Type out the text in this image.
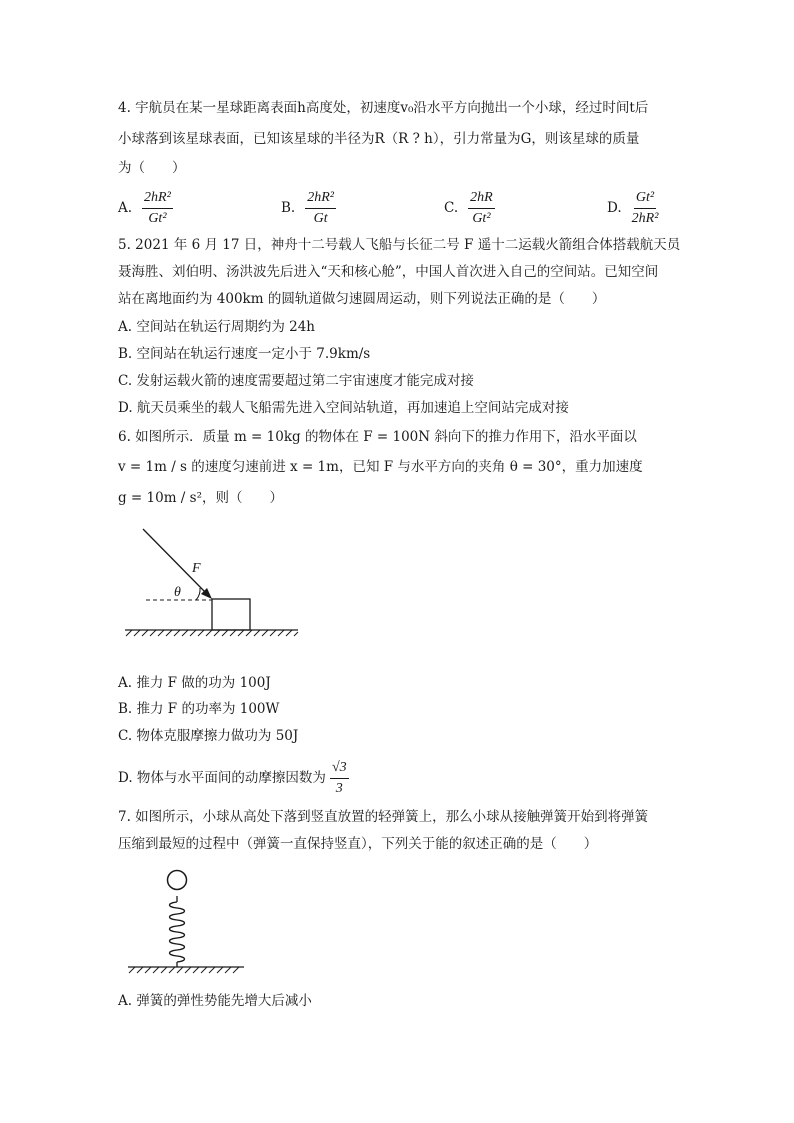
4. 宇航员在某一星球距离表面h高度处，初速度v₀沿水平方向抛出一个小球，经过时间t后
小球落到该星球表面，已知该星球的半径为R（R ? h），引力常量为G，则该星球的质量
为（　　）
A. $\frac{\text{2hR²}}{\text{Gt²}}$	B. $\frac{\text{2hR²}}{Gt}$	C. $\frac{2hR}{\text{Gt²}}$	D. $\frac{\text{Gt²}}{\text{2hR²}}$
5. 2021 年 6 月 17 日，神舟十二号载人飞船与长征二号 F 遥十二运载火箭组合体搭载航天员
聂海胜、刘伯明、汤洪波先后进入“天和核心舱”，中国人首次进入自己的空间站。已知空间
站在离地面约为 400km 的圆轨道做匀速圆周运动，则下列说法正确的是（　　）
A. 空间站在轨运行周期约为 24h
B. 空间站在轨运行速度一定小于 7.9km/s
C. 发射运载火箭的速度需要超过第二宇宙速度才能完成对接
D. 航天员乘坐的载人飞船需先进入空间站轨道，再加速追上空间站完成对接
6. 如图所示．质量 m = 10kg 的物体在 F = 100N 斜向下的推力作用下，沿水平面以
v = 1m / s 的速度匀速前进 x = 1m，已知 F 与水平方向的夹角 θ = 30°，重力加速度
g = 10m / s²，则（　　）
F
θ
A. 推力 F 做的功为 100J
B. 推力 F 的功率为 100W
C. 物体克服摩擦力做功为 50J
D. 物体与水平面间的动摩擦因数为 $\frac{√3}{3}$
7. 如图所示，小球从高处下落到竖直放置的轻弹簧上，那么小球从接触弹簧开始到将弹簧
压缩到最短的过程中（弹簧一直保持竖直），下列关于能的叙述正确的是（　　）
A. 弹簧的弹性势能先增大后减小
